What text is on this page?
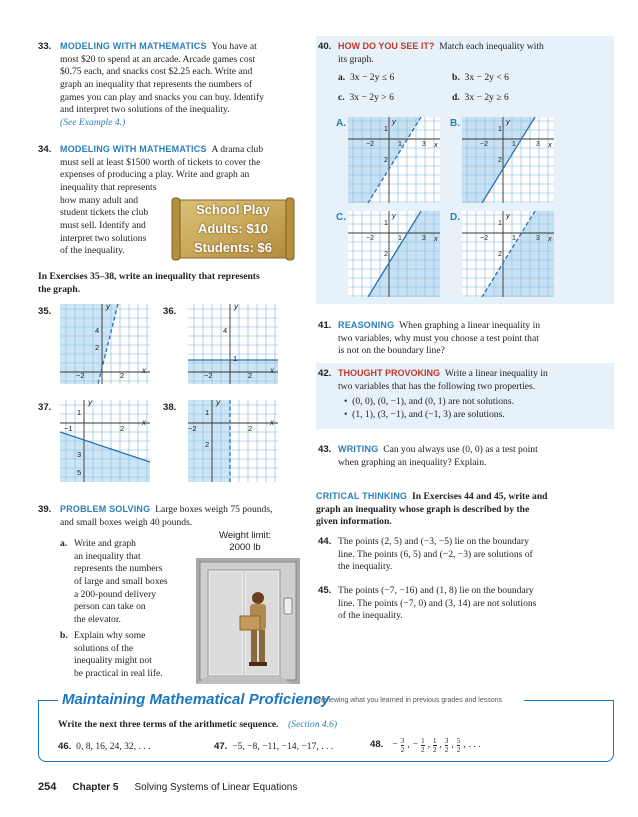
33. MODELING WITH MATHEMATICS You have at
most $20 to spend at an arcade. Arcade games cost
$0.75 each, and snacks cost $2.25 each. Write and
graph an inequality that represents the numbers of
games you can play and snacks you can buy. Identify
and interpret two solutions of the inequality.
(See Example 4.)
34. MODELING WITH MATHEMATICS A drama club
must sell at least $1500 worth of tickets to cover the
expenses of producing a play. Write and graph an
inequality that represents
how many adult and
student tickets the club
must sell. Identify and
interpret two solutions
of the inequality.
School Play
Adults: $10
Students: $6
In Exercises 35–38, write an inequality that represents
the graph.
35.	y
x
4
2
−2	2
36.	y
x
4
1
−2	2
37.	y
x
1
−1	2
3
5
38.	y
x
1
−2	2
2
39. PROBLEM SOLVING Large boxes weigh 75 pounds,
and small boxes weigh 40 pounds.
a. Write and graph
an inequality that
represents the numbers
of large and small boxes
a 200-pound delivery
person can take on
the elevator.
b. Explain why some
solutions of the
inequality might not
be practical in real life.
Weight limit:
2000 lb
40. HOW DO YOU SEE IT? Match each inequality with
its graph.
a. 3x − 2y ≤ 6	b. 3x − 2y < 6
c. 3x − 2y > 6	d. 3x − 2y ≥ 6
A.	B.
C.	D.
y
x
1
−2	1	3
2
y
x
1
−2	1	3
2
y
x
1
−2	1	3
2
y
x
1
−2	1	3
2
41. REASONING When graphing a linear inequality in
two variables, why must you choose a test point that
is not on the boundary line?
42. THOUGHT PROVOKING Write a linear inequality in
two variables that has the following two properties.
• (0, 0), (0, −1), and (0, 1) are not solutions.
• (1, 1), (3, −1), and (−1, 3) are solutions.
43. WRITING Can you always use (0, 0) as a test point
when graphing an inequality? Explain.
CRITICAL THINKING In Exercises 44 and 45, write and
graph an inequality whose graph is described by the
given information.
44. The points (2, 5) and (−3, −5) lie on the boundary
line. The points (6, 5) and (−2, −3) are solutions of
the inequality.
45. The points (−7, −16) and (1, 8) lie on the boundary
line. The points (−7, 0) and (3, 14) are not solutions
of the inequality.
Maintaining Mathematical Proficiency
Reviewing what you learned in previous grades and lessons
Write the next three terms of the arithmetic sequence. (Section 4.6)
46. 0, 8, 16, 24, 32, . . .	47. −5, −8, −11, −14, −17, . . .	48. − $\frac{3}{2}$ , − $\frac{1}{2}$ , $\frac{1}{2}$ , $\frac{3}{2}$ , $\frac{5}{2}$ , . . .
254 Chapter 5 Solving Systems of Linear Equations
